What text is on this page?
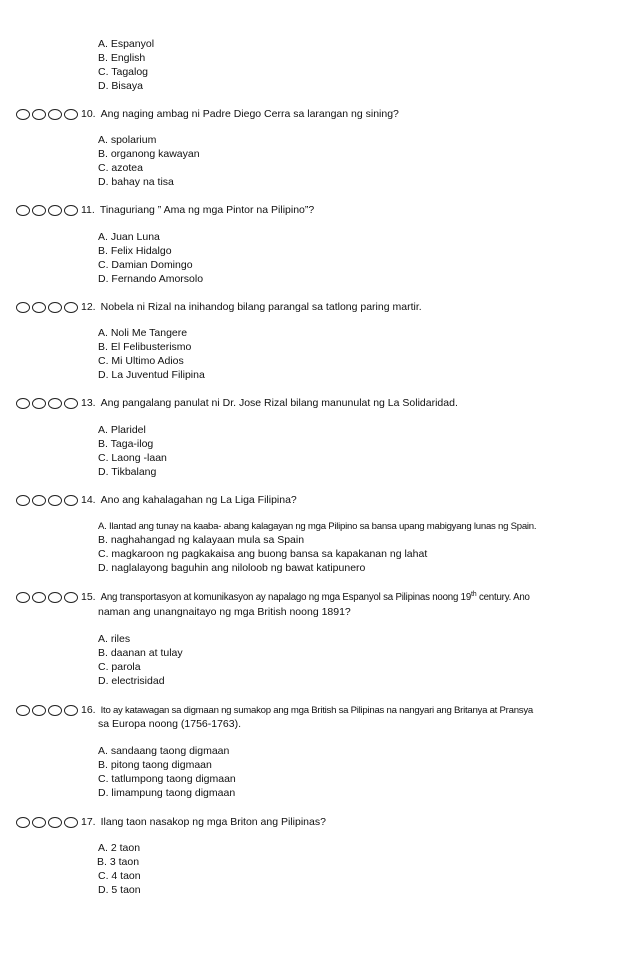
A. Espanyol
B. English
C. Tagalog
D. Bisaya
10. Ang naging ambag ni Padre Diego Cerra sa larangan ng sining?
A. spolarium
B. organong kawayan
C. azotea
D. bahay na tisa
11. Tinaguriang ” Ama ng mga Pintor na Pilipino”?
A. Juan Luna
B. Felix Hidalgo
C. Damian Domingo
D. Fernando Amorsolo
12. Nobela ni Rizal na inihandog bilang parangal sa tatlong paring martir.
A. Noli Me Tangere
B. El Felibusterismo
C. Mi Ultimo Adios
D. La Juventud Filipina
13. Ang pangalang panulat ni Dr. Jose Rizal bilang manunulat ng La Solidaridad.
A. Plaridel
B. Taga-ilog
C. Laong -laan
D. Tikbalang
14. Ano ang kahalagahan ng La Liga Filipina?
A. Ilantad ang tunay na kaaba- abang kalagayan ng mga Pilipino sa bansa upang mabigyang lunas ng Spain.
B. naghahangad ng kalayaan mula sa Spain
C. magkaroon ng pagkakaisa ang buong bansa sa kapakanan ng lahat
D. naglalayong baguhin ang niloloob ng bawat katipunero
15. Ang transportasyon at komunikasyon ay napalago ng mga Espanyol sa Pilipinas noong 19th century. Ano
naman ang unangnaitayo ng mga British noong 1891?
A. riles
B. daanan at tulay
C. parola
D. electrisidad
16. Ito ay katawagan sa digmaan ng sumakop ang mga British sa Pilipinas na nangyari ang Britanya at Pransya
sa Europa noong (1756-1763).
A. sandaang taong digmaan
B. pitong taong digmaan
C. tatlumpong taong digmaan
D. limampung taong digmaan
17. Ilang taon nasakop ng mga Briton ang Pilipinas?
A. 2 taon
B. 3 taon
C. 4 taon
D. 5 taon
